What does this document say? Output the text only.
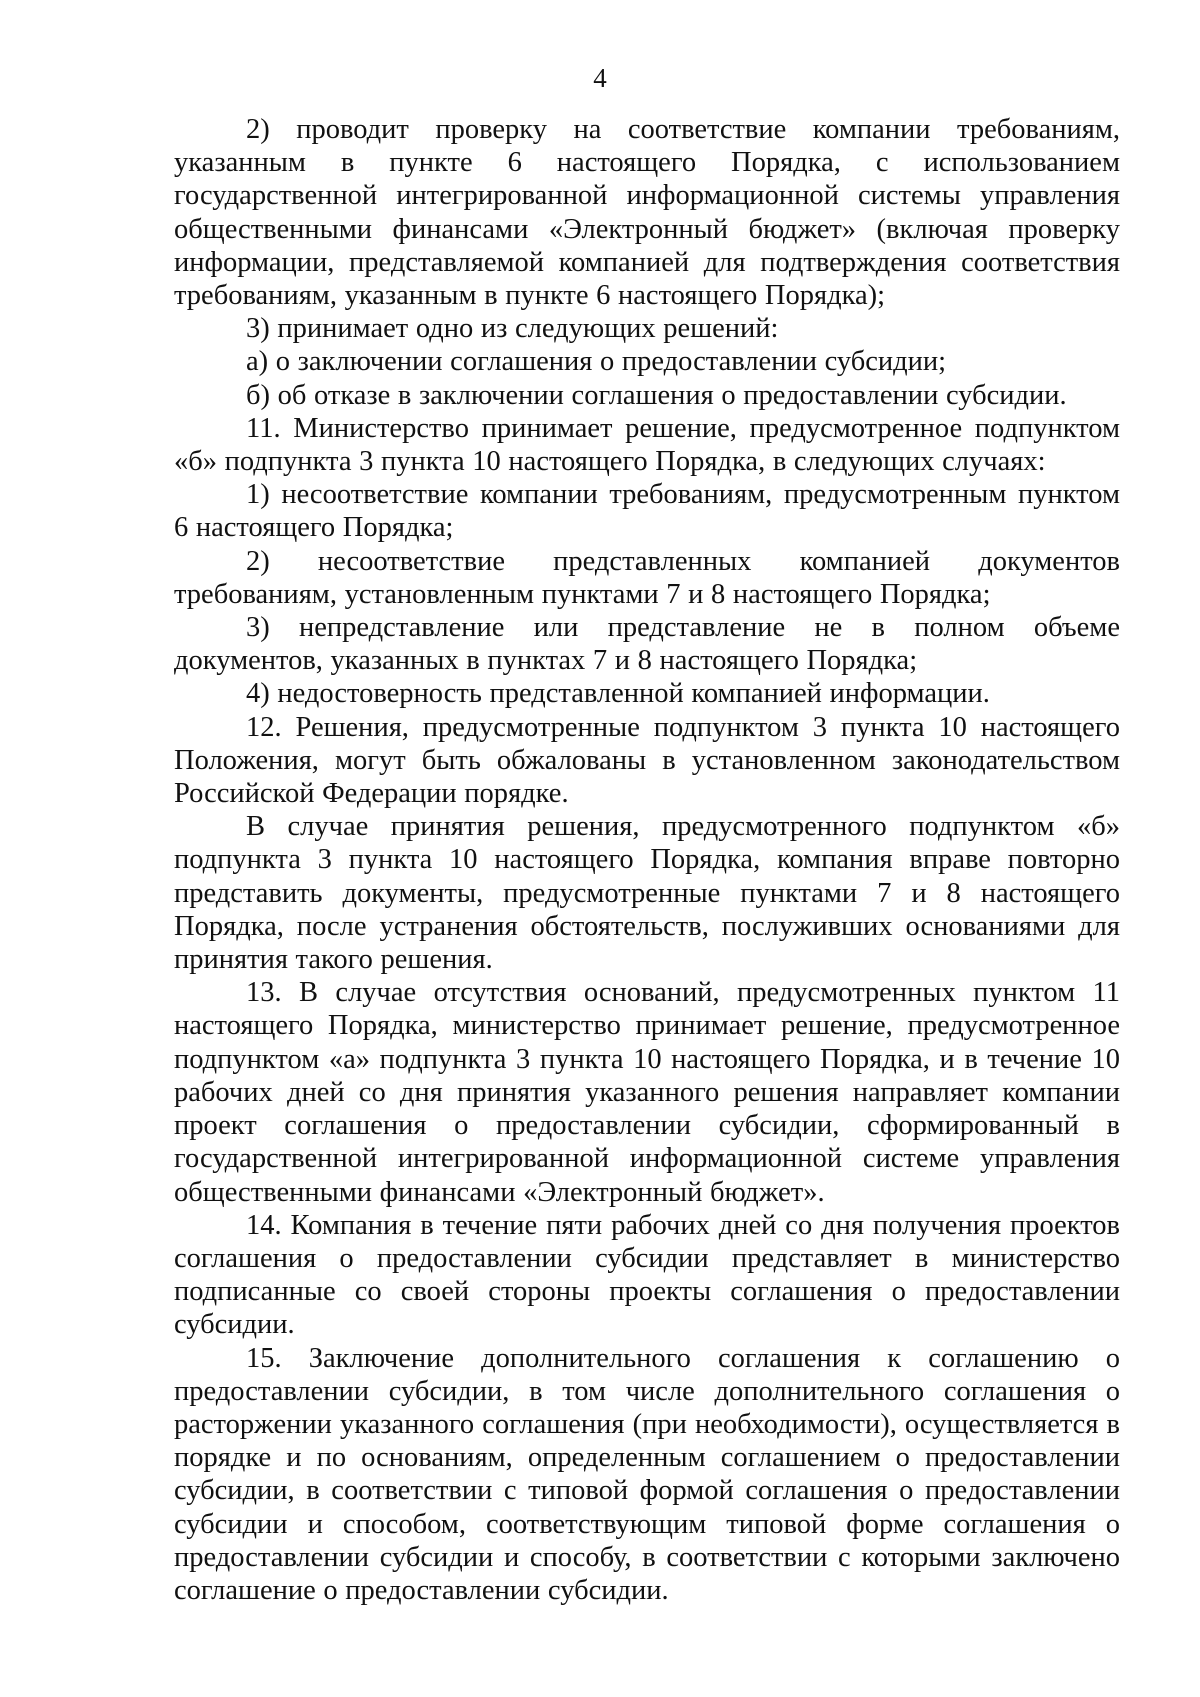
4

2) проводит проверку на соответствие компании требованиям, указанным в пункте 6 настоящего Порядка, с использованием государственной интегрированной информационной системы управления общественными финансами «Электронный бюджет» (включая проверку информации, представляемой компанией для подтверждения соответствия требованиям, указанным в пункте 6 настоящего Порядка);

3) принимает одно из следующих решений:

а) о заключении соглашения о предоставлении субсидии;

б) об отказе в заключении соглашения о предоставлении субсидии.

11. Министерство принимает решение, предусмотренное подпунктом «б» подпункта 3 пункта 10 настоящего Порядка, в следующих случаях:

1) несоответствие компании требованиям, предусмотренным пунктом 6 настоящего Порядка;

2) несоответствие представленных компанией документов требованиям, установленным пунктами 7 и 8 настоящего Порядка;

3) непредставление или представление не в полном объеме документов, указанных в пунктах 7 и 8 настоящего Порядка;

4) недостоверность представленной компанией информации.

12. Решения, предусмотренные подпунктом 3 пункта 10 настоящего Положения, могут быть обжалованы в установленном законодательством Российской Федерации порядке.

В случае принятия решения, предусмотренного подпунктом «б» подпункта 3 пункта 10 настоящего Порядка, компания вправе повторно представить документы, предусмотренные пунктами 7 и 8 настоящего Порядка, после устранения обстоятельств, послуживших основаниями для принятия такого решения.

13. В случае отсутствия оснований, предусмотренных пунктом 11 настоящего Порядка, министерство принимает решение, предусмотренное подпунктом «а» подпункта 3 пункта 10 настоящего Порядка, и в течение 10 рабочих дней со дня принятия указанного решения направляет компании проект соглашения о предоставлении субсидии, сформированный в государственной интегрированной информационной системе управления общественными финансами «Электронный бюджет».

14. Компания в течение пяти рабочих дней со дня получения проектов соглашения о предоставлении субсидии представляет в министерство подписанные со своей стороны проекты соглашения о предоставлении субсидии.

15. Заключение дополнительного соглашения к соглашению о предоставлении субсидии, в том числе дополнительного соглашения о расторжении указанного соглашения (при необходимости), осуществляется в порядке и по основаниям, определенным соглашением о предоставлении субсидии, в соответствии с типовой формой соглашения о предоставлении субсидии и способом, соответствующим типовой форме соглашения о предоставлении субсидии и способу, в соответствии с которыми заключено соглашение о предоставлении субсидии.
